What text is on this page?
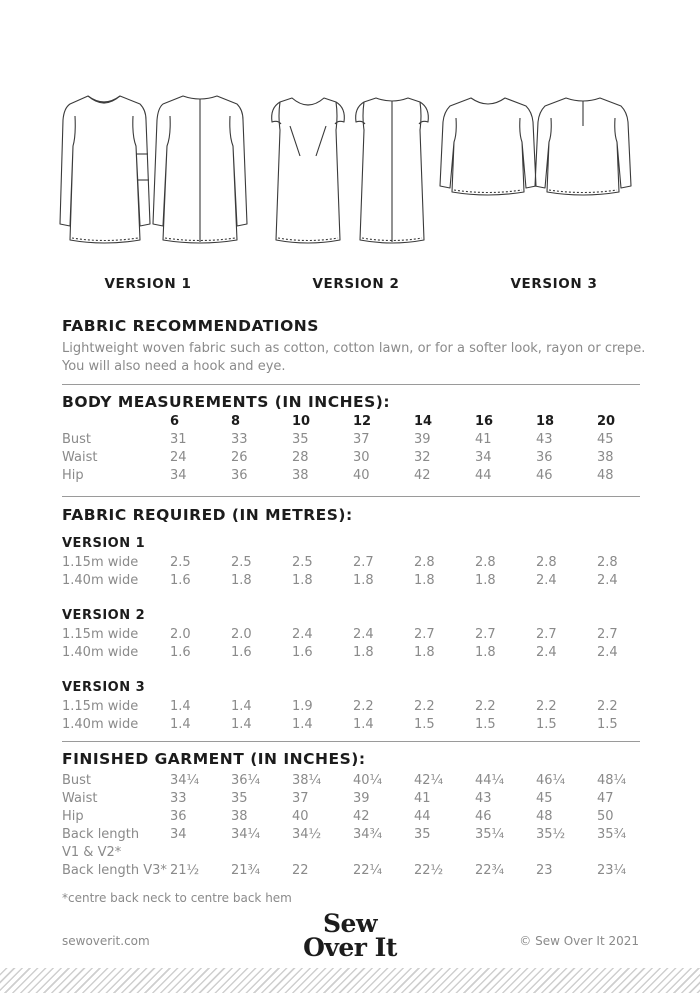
VERSION 1	VERSION 2	VERSION 3
FABRIC RECOMMENDATIONS

Lightweight woven fabric such as cotton, cotton lawn, or for a softer look, rayon or crepe. You will also need a hook and eye.

BODY MEASUREMENTS (IN INCHES):
	6	8	10	12	14	16	18	20
Bust	31	33	35	37	39	41	43	45
Waist	24	26	28	30	32	34	36	38
Hip	34	36	38	40	42	44	46	48
FABRIC REQUIRED (IN METRES):
VERSION 1
1.15m wide	2.5	2.5	2.5	2.7	2.8	2.8	2.8	2.8
1.40m wide	1.6	1.8	1.8	1.8	1.8	1.8	2.4	2.4
VERSION 2
1.15m wide	2.0	2.0	2.4	2.4	2.7	2.7	2.7	2.7
1.40m wide	1.6	1.6	1.6	1.8	1.8	1.8	2.4	2.4
VERSION 3
1.15m wide	1.4	1.4	1.9	2.2	2.2	2.2	2.2	2.2
1.40m wide	1.4	1.4	1.4	1.4	1.5	1.5	1.5	1.5
FINISHED GARMENT (IN INCHES):
Bust	34¼	36¼	38¼	40¼	42¼	44¼	46¼	48¼
Waist	33	35	37	39	41	43	45	47
Hip	36	38	40	42	44	46	48	50
Back length	34	34¼	34½	34¾	35	35¼	35½	35¾
V1 & V2*								
Back length V3*	21½	21¾	22	22¼	22½	22¾	23	23¼
*centre back neck to centre back hem
sewoverit.com
Sew
Over It	© Sew Over It 2021
